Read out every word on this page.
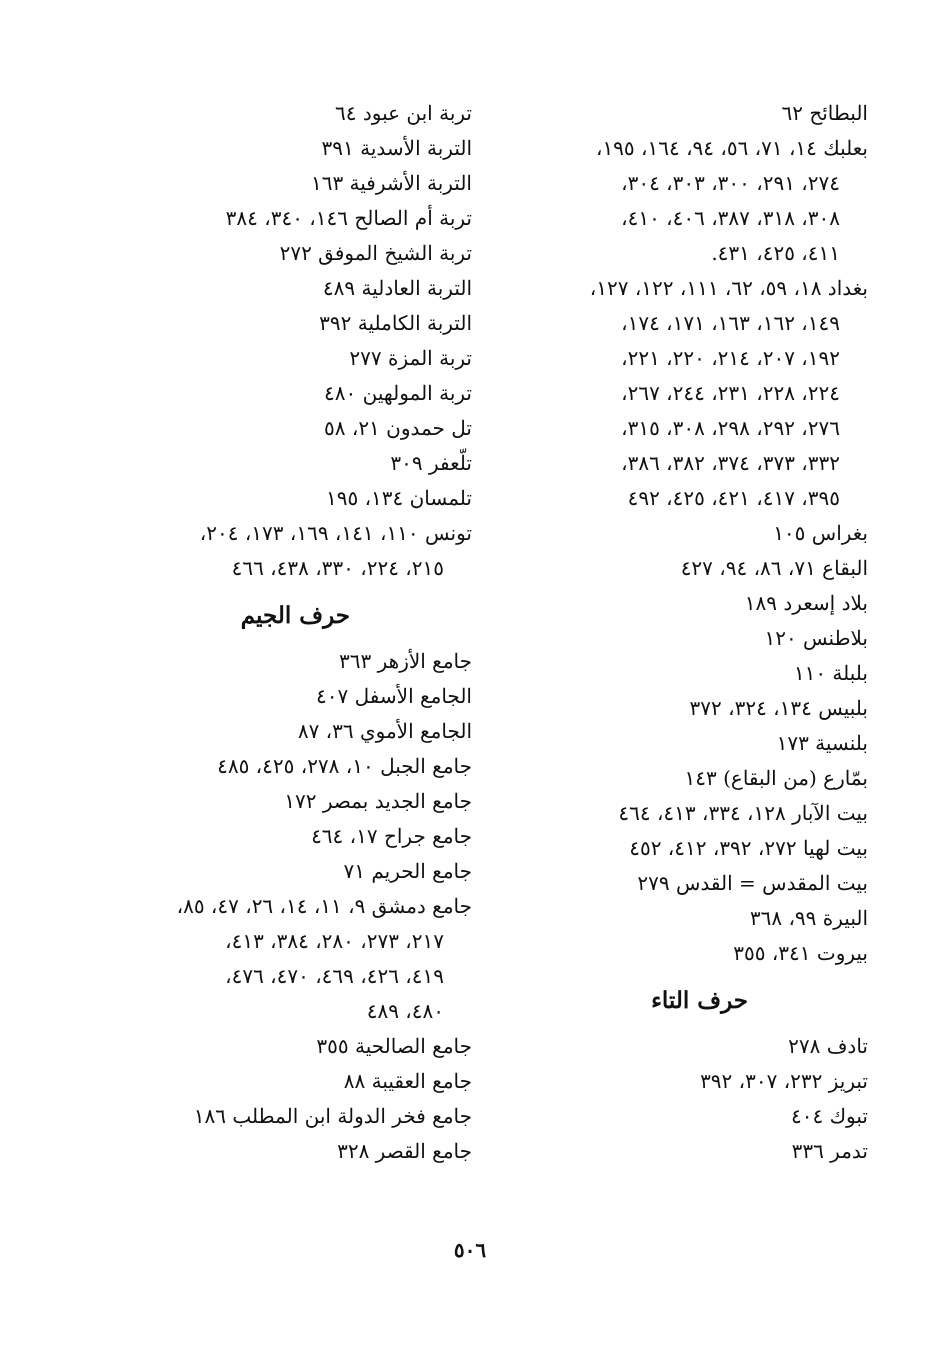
البطائح ٦٢
بعلبك ١٤، ٧١، ٥٦، ٩٤، ١٦٤، ١٩٥،
٢٧٤، ٢٩١، ٣٠٠، ٣٠٣، ٣٠٤،
٣٠٨، ٣١٨، ٣٨٧، ٤٠٦، ٤١٠،
٤١١، ٤٢٥، ٤٣١.
بغداد ١٨، ٥٩، ٦٢، ١١١، ١٢٢، ١٢٧،
١٤٩، ١٦٢، ١٦٣، ١٧١، ١٧٤،
١٩٢، ٢٠٧، ٢١٤، ٢٢٠، ٢٢١،
٢٢٤، ٢٢٨، ٢٣١، ٢٤٤، ٢٦٧،
٢٧٦، ٢٩٢، ٢٩٨، ٣٠٨، ٣١٥،
٣٣٢، ٣٧٣، ٣٧٤، ٣٨٢، ٣٨٦،
٣٩٥، ٤١٧، ٤٢١، ٤٢٥، ٤٩٢
بغراس ١٠٥
البقاع ٧١، ٨٦، ٩٤، ٤٢٧
بلاد إسعرد ١٨٩
بلاطنس ١٢٠
بلبلة ١١٠
بلبيس ١٣٤، ٣٢٤، ٣٧٢
بلنسية ١٧٣
بمّارع (من البقاع) ١٤٣
بيت الآبار ١٢٨، ٣٣٤، ٤١٣، ٤٦٤
بيت لهيا ٢٧٢، ٣٩٢، ٤١٢، ٤٥٢
بيت المقدس = القدس ٢٧٩
البيرة ٩٩، ٣٦٨
بيروت ٣٤١، ٣٥٥
حرف التاء
تادف ٢٧٨
تبريز ٢٣٢، ٣٠٧، ٣٩٢
تبوك ٤٠٤
تدمر ٣٣٦
تربة ابن عبود ٦٤
التربة الأسدية ٣٩١
التربة الأشرفية ١٦٣
تربة أم الصالح ١٤٦، ٣٤٠، ٣٨٤
تربة الشيخ الموفق ٢٧٢
التربة العادلية ٤٨٩
التربة الكاملية ٣٩٢
تربة المزة ٢٧٧
تربة المولهين ٤٨٠
تل حمدون ٢١، ٥٨
تلّعفر ٣٠٩
تلمسان ١٣٤، ١٩٥
تونس ١١٠، ١٤١، ١٦٩، ١٧٣، ٢٠٤،
٢١٥، ٢٢٤، ٣٣٠، ٤٣٨، ٤٦٦
حرف الجيم
جامع الأزهر ٣٦٣
الجامع الأسفل ٤٠٧
الجامع الأموي ٣٦، ٨٧
جامع الجبل ١٠، ٢٧٨، ٤٢٥، ٤٨٥
جامع الجديد بمصر ١٧٢
جامع جراح ١٧، ٤٦٤
جامع الحريم ٧١
جامع دمشق ٩، ١١، ١٤، ٢٦، ٤٧، ٨٥،
٢١٧، ٢٧٣، ٢٨٠، ٣٨٤، ٤١٣،
٤١٩، ٤٢٦، ٤٦٩، ٤٧٠، ٤٧٦،
٤٨٠، ٤٨٩
جامع الصالحية ٣٥٥
جامع العقيبة ٨٨
جامع فخر الدولة ابن المطلب ١٨٦
جامع القصر ٣٢٨
٥٠٦
